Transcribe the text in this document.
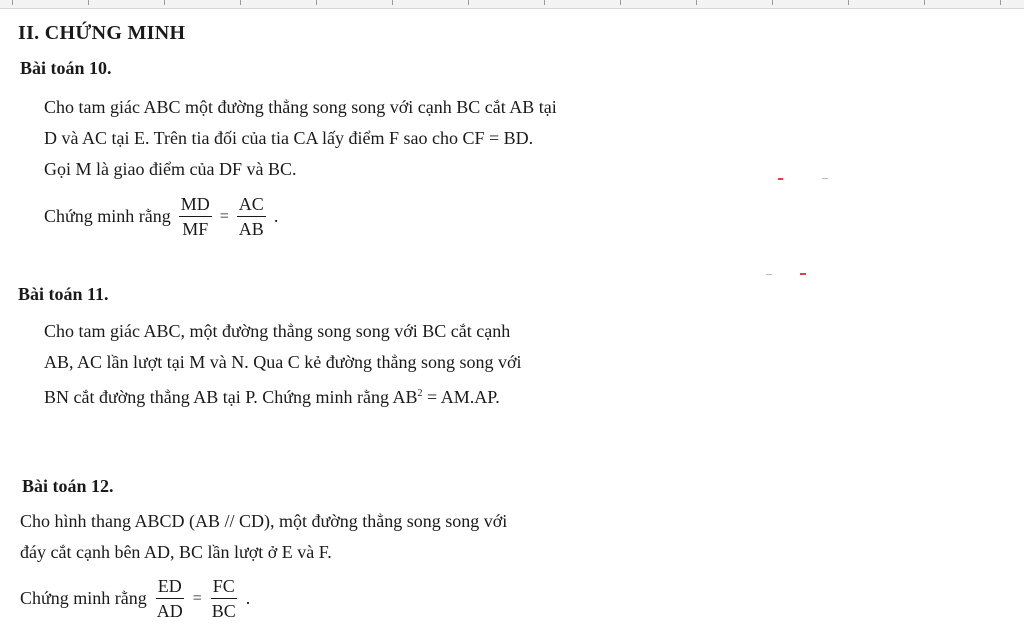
II. CHỨNG MINH
Bài toán 10.

Cho tam giác ABC một đường thẳng song song với cạnh BC cắt AB tại

D và AC tại E. Trên tia đối của tia CA lấy điểm F sao cho CF = BD.

Gọi M là giao điểm của DF và BC.

Chứng minh rằng $\frac{MD}{MF} = \frac{AC}{AB}$ .
Bài toán 11.

Cho tam giác ABC, một đường thẳng song song với BC cắt cạnh

AB, AC lần lượt tại M và N. Qua C kẻ đường thẳng song song với

BN cắt đường thẳng AB tại P. Chứng minh rằng $AB^2 = AM.AP$.

Bài toán 12.

Cho hình thang ABCD (AB // CD), một đường thẳng song song với

đáy cắt cạnh bên AD, BC lần lượt ở E và F.

Chứng minh rằng $\frac{ED}{AD} = \frac{FC}{BC}$ .
